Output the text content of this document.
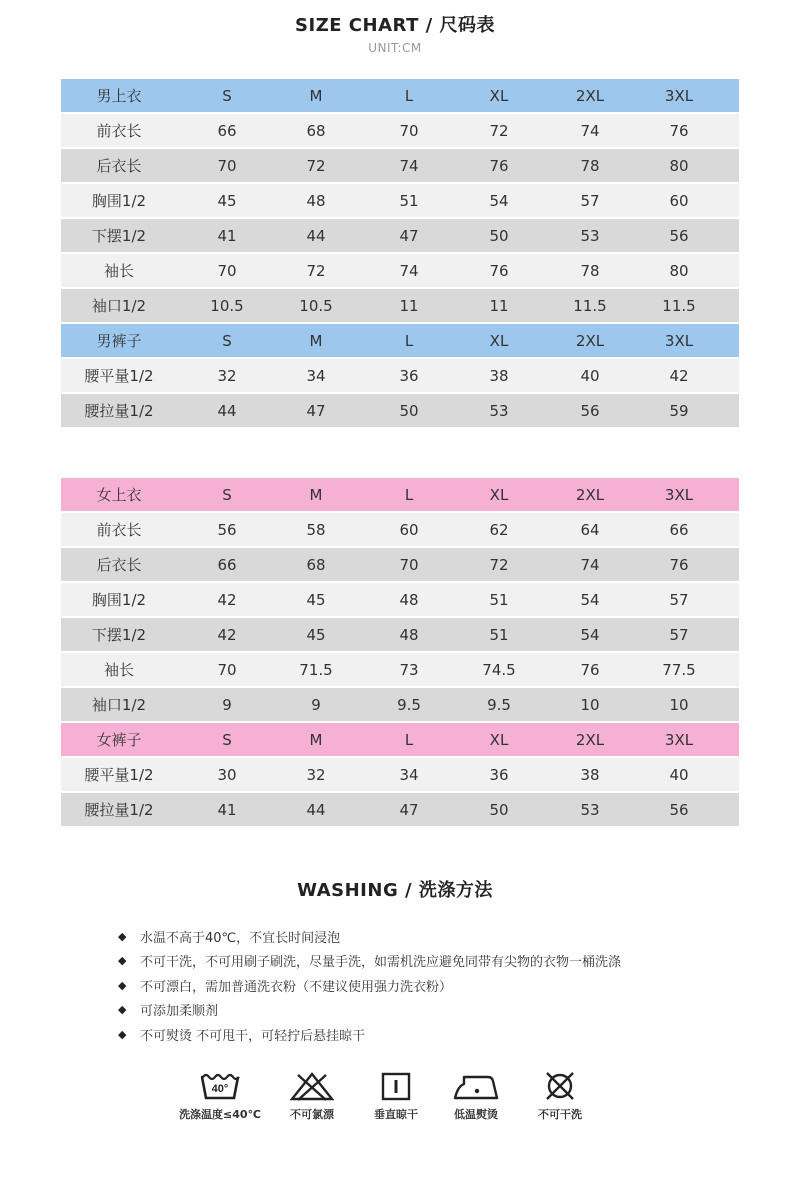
SIZE CHART / 尺码表
UNIT:CM
男上衣	S	M	L	XL	2XL	3XL
前衣长	66	68	70	72	74	76
后衣长	70	72	74	76	78	80
胸围1/2	45	48	51	54	57	60
下摆1/2	41	44	47	50	53	56
袖长	70	72	74	76	78	80
袖口1/2	10.5	10.5	11	11	11.5	11.5
男裤子	S	M	L	XL	2XL	3XL
腰平量1/2	32	34	36	38	40	42
腰拉量1/2	44	47	50	53	56	59
女上衣	S	M	L	XL	2XL	3XL
前衣长	56	58	60	62	64	66
后衣长	66	68	70	72	74	76
胸围1/2	42	45	48	51	54	57
下摆1/2	42	45	48	51	54	57
袖长	70	71.5	73	74.5	76	77.5
袖口1/2	9	9	9.5	9.5	10	10
女裤子	S	M	L	XL	2XL	3XL
腰平量1/2	30	32	34	36	38	40
腰拉量1/2	41	44	47	50	53	56
WASHING / 洗涤方法
◆	水温不高于40℃，不宜长时间浸泡
◆	不可干洗，不可用刷子刷洗，尽量手洗，如需机洗应避免同带有尖物的衣物一桶洗涤
◆	不可漂白，需加普通洗衣粉（不建议使用强力洗衣粉）
◆	可添加柔顺剂
◆	不可熨烫 不可甩干，可轻拧后悬挂晾干
40°
洗涤温度≤40℃	不可氯漂	垂直晾干	低温熨烫	不可干洗
